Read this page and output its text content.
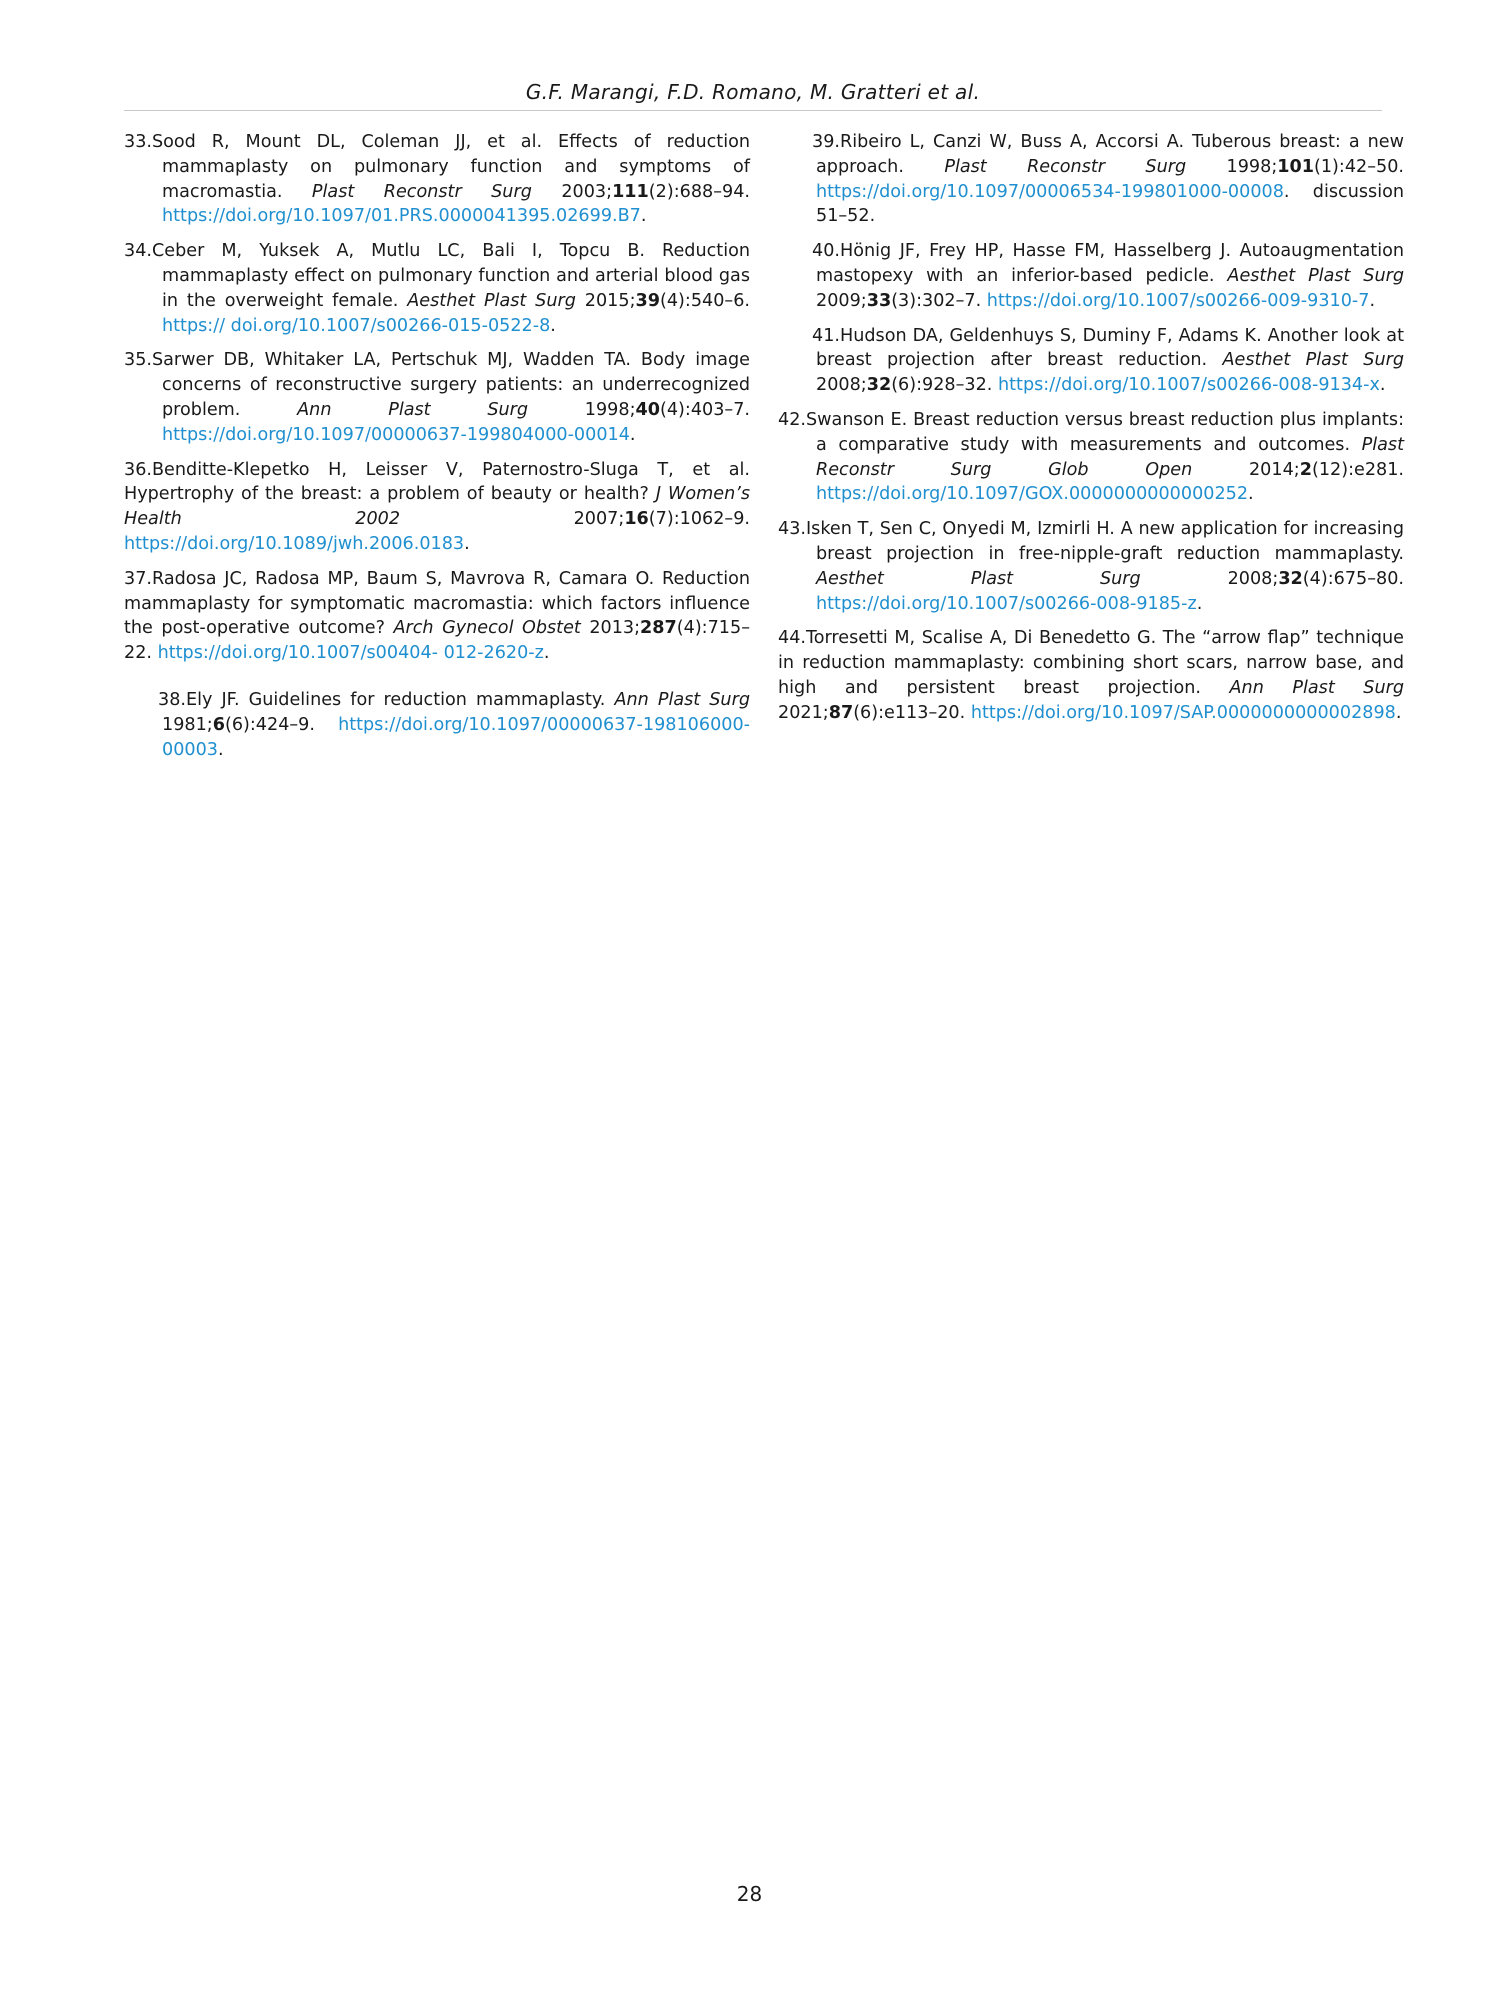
G.F. Marangi, F.D. Romano, M. Gratteri et al.

33.Sood R, Mount DL, Coleman JJ, et al. Effects of reduction mammaplasty on pulmonary function and symptoms of macromastia. Plast Reconstr Surg 2003;111(2):688–94. https://doi.org/10.1097/01.PRS.0000041395.02699.B7.

34.Ceber M, Yuksek A, Mutlu LC, Bali I, Topcu B. Reduction mammaplasty effect on pulmonary function and arterial blood gas in the overweight female. Aesthet Plast Surg 2015;39(4):540–6. https:// doi.org/10.1007/s00266-015-0522-8.

35.Sarwer DB, Whitaker LA, Pertschuk MJ, Wadden TA. Body image concerns of reconstructive surgery patients: an underrecognized problem. Ann Plast Surg 1998;40(4):403–7. https://doi.org/10.1097/00000637-199804000-00014.

36.Benditte-Klepetko H, Leisser V, Paternostro-Sluga T, et al. Hypertrophy of the breast: a problem of beauty or health? J Women’s Health 2002 2007;16(7):1062–9. https://doi.org/10.1089/jwh.2006.0183.

37.Radosa JC, Radosa MP, Baum S, Mavrova R, Camara O. Reduction mammaplasty for symptomatic macromastia: which factors influence the post-operative outcome? Arch Gynecol Obstet 2013;287(4):715–22. https://doi.org/10.1007/s00404- 012-2620-z.

38.Ely JF. Guidelines for reduction mammaplasty. Ann Plast Surg 1981;6(6):424–9. https://doi.org/10.1097/00000637-198106000-00003.

39.Ribeiro L, Canzi W, Buss A, Accorsi A. Tuberous breast: a new approach. Plast Reconstr Surg 1998;101(1):42–50. https://doi.org/10.1097/00006534-199801000-00008. discussion 51–52.

40.Hönig JF, Frey HP, Hasse FM, Hasselberg J. Autoaugmentation mastopexy with an inferior-based pedicle. Aesthet Plast Surg 2009;33(3):302–7. https://doi.org/10.1007/s00266-009-9310-7.

41.Hudson DA, Geldenhuys S, Duminy F, Adams K. Another look at breast projection after breast reduction. Aesthet Plast Surg 2008;32(6):928–32. https://doi.org/10.1007/s00266-008-9134-x.

42.Swanson E. Breast reduction versus breast reduction plus implants: a comparative study with measurements and outcomes. Plast Reconstr Surg Glob Open 2014;2(12):e281. https://doi.org/10.1097/GOX.0000000000000252.

43.Isken T, Sen C, Onyedi M, Izmirli H. A new application for increasing breast projection in free-nipple-graft reduction mammaplasty. Aesthet Plast Surg 2008;32(4):675–80. https://doi.org/10.1007/s00266-008-9185-z.

44.Torresetti M, Scalise A, Di Benedetto G. The “arrow flap” technique in reduction mammaplasty: combining short scars, narrow base, and high and persistent breast projection. Ann Plast Surg 2021;87(6):e113–20. https://doi.org/10.1097/SAP.0000000000002898.

28
